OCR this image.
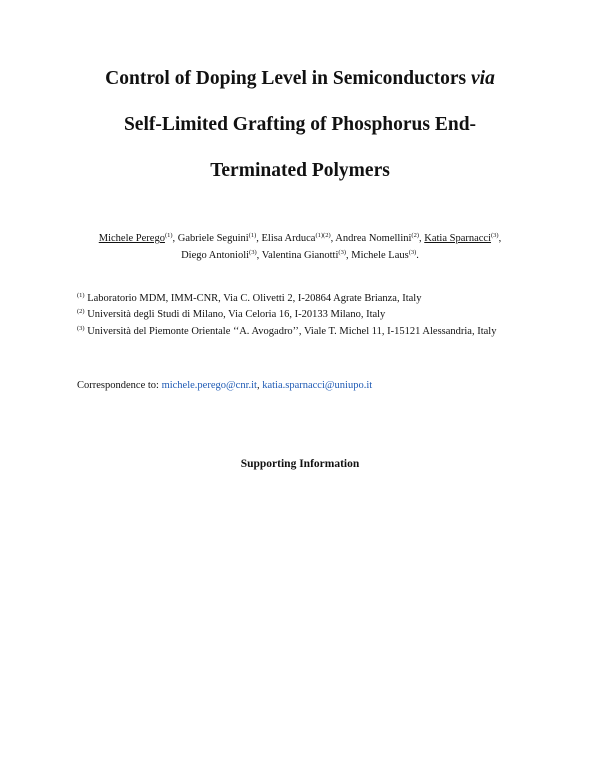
Control of Doping Level in Semiconductors via
Self-Limited Grafting of Phosphorus End-
Terminated Polymers
Michele Perego$^{(1)}$, Gabriele Seguini$^{(1)}$, Elisa Arduca$^{(1)(2)}$, Andrea Nomellini$^{(2)}$, Katia Sparnacci$^{(3)}$,
Diego Antonioli$^{(3)}$, Valentina Gianotti$^{(3)}$, Michele Laus$^{(3)}$.
$^{(1)}$ Laboratorio MDM, IMM-CNR, Via C. Olivetti 2, I-20864 Agrate Brianza, Italy
$^{(2)}$ Università degli Studi di Milano, Via Celoria 16, I-20133 Milano, Italy
$^{(3)}$ Università del Piemonte Orientale ‘‘A. Avogadro’’, Viale T. Michel 11, I-15121 Alessandria, Italy
Correspondence to: michele.perego@cnr.it, katia.sparnacci@uniupo.it
Supporting Information
